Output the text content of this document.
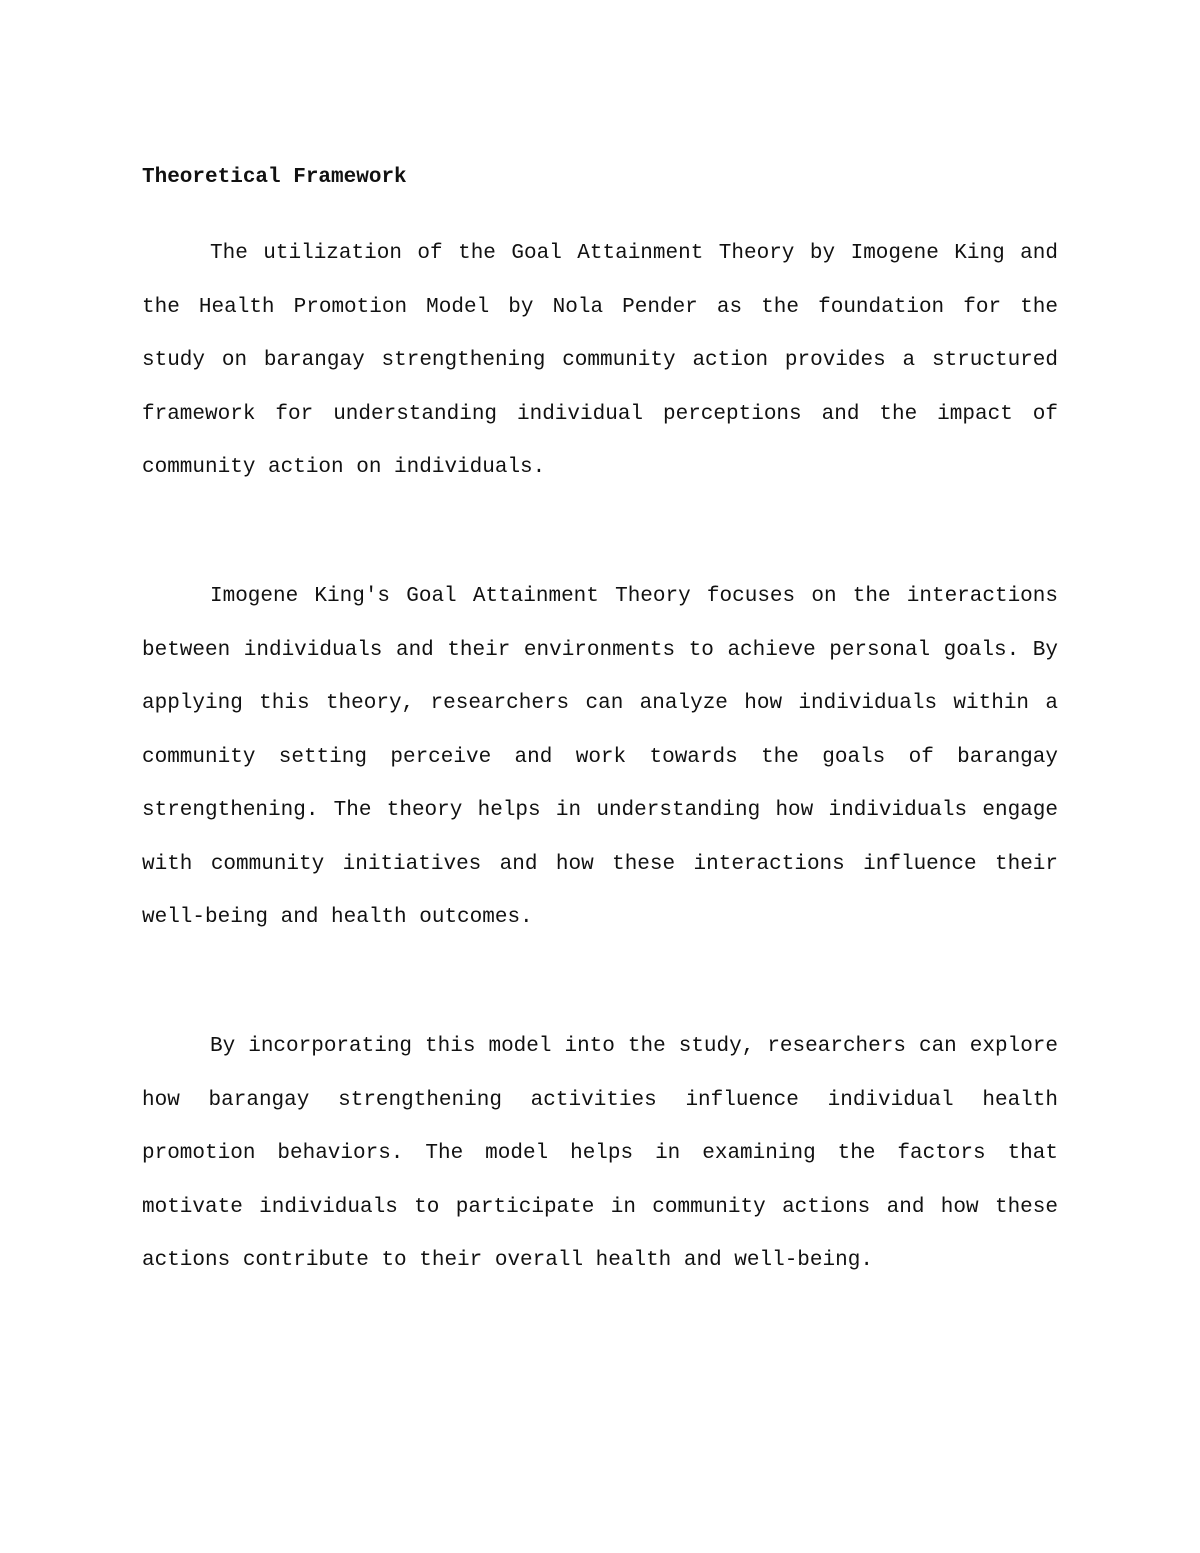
Theoretical Framework

The utilization of the Goal Attainment Theory by Imogene King and the Health Promotion Model by Nola Pender as the foundation for the study on barangay strengthening community action provides a structured framework for understanding individual perceptions and the impact of community action on individuals.

Imogene King's Goal Attainment Theory focuses on the interactions between individuals and their environments to achieve personal goals. By applying this theory, researchers can analyze how individuals within a community setting perceive and work towards the goals of barangay strengthening. The theory helps in understanding how individuals engage with community initiatives and how these interactions influence their well-being and health outcomes.

By incorporating this model into the study, researchers can explore how barangay strengthening activities influence individual health promotion behaviors. The model helps in examining the factors that motivate individuals to participate in community actions and how these actions contribute to their overall health and well-being.
